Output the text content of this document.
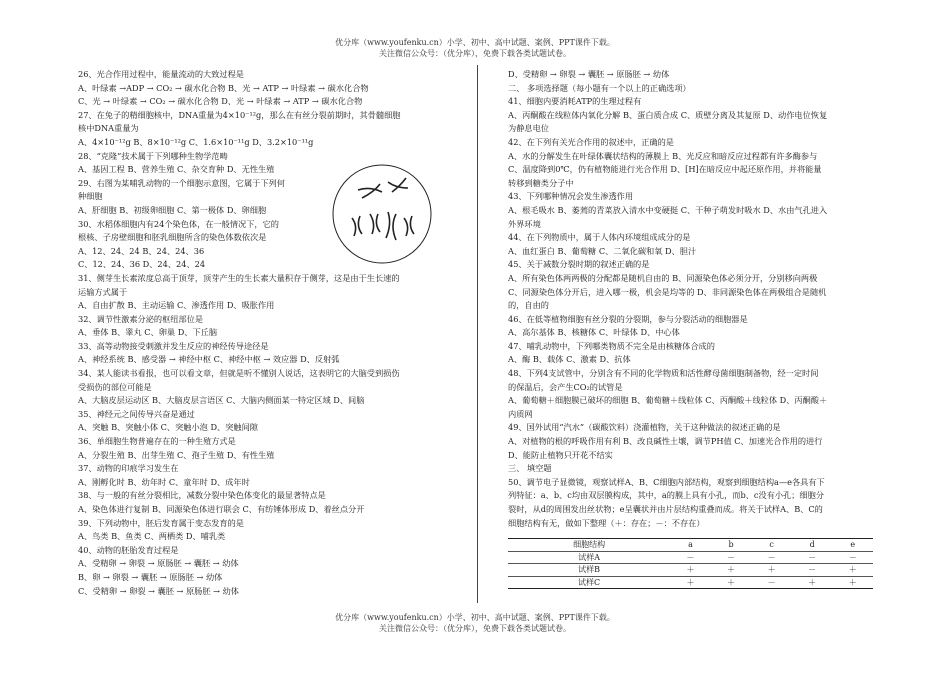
优分库（www.youfenku.cn）小学、初中、高中试题、案例、PPT课件下载。
关注微信公众号：（优分库），免费下载各类试题试卷。
26、光合作用过程中，能量流动的大致过程是
A、叶绿素 →ADP → CO₂ → 碳水化合物 B、光 → ATP → 叶绿素 → 碳水化合物
C、光 → 叶绿素 → CO₂ → 碳水化合物 D、光 → 叶绿素 → ATP → 碳水化合物
27、在兔子的精细胞核中，DNA重量为4×10⁻¹²g，那么在有丝分裂前期时，其骨髓细胞
核中DNA重量为
A、4×10⁻¹²g B、8×10⁻¹²g C、1.6×10⁻¹¹g D、3.2×10⁻¹¹g
28、“克隆”技术属于下列哪种生物学范畴
A、基因工程 B、营养生殖 C、杂交育种 D、无性生殖
29、右图为某哺乳动物的一个细胞示意图，它属于下列何
种细胞
A、肝细胞 B、初级卵细胞 C、第一极体 D、卵细胞
30、水稻体细胞内有24个染色体，在一般情况下，它的
根核、子房壁细胞和胚乳细胞所含的染色体数依次是
A、12、24、24 B、24、24、36
C、12、24、36 D、24、24、24
31、侧芽生长素浓度总高于顶芽，顶芽产生的生长素大量积存于侧芽，这是由于生长速的
运输方式属于
A、自由扩散 B、主动运输 C、渗透作用 D、吸胀作用
32、调节性激素分泌的枢纽部位是
A、垂体 B、睾丸 C、卵巢 D、下丘脑
33、高等动物接受刺激并发生反应的神经传导途径是
A、神经系统 B、感受器 → 神经中枢 C、神经中枢 → 效应器 D、反射弧
34、某人能读书看报，也可以看文章，但就是听不懂别人说话，这表明它的大脑受到损伤
受损伤的部位可能是
A、大脑皮层运动区 B、大脑皮层言语区 C、大脑内侧面某一特定区域 D、间脑
35、神经元之间传导兴奋是通过
A、突触 B、突触小体 C、突触小泡 D、突触间隙
36、单细胞生物普遍存在的一种生殖方式是
A、分裂生殖 B、出芽生殖 C、孢子生殖 D、有性生殖
37、动物的印痕学习发生在
A、刚孵化时 B、幼年时 C、童年时 D、成年时
38、与一般的有丝分裂相比，减数分裂中染色体变化的最显著特点是
A、染色体进行复制 B、同源染色体进行联会 C、有纺锤体形成 D、着丝点分开
39、下列动物中，胚后发育属于变态发育的是
A、鸟类 B、鱼类 C、两栖类 D、哺乳类
40、动物的胚胎发育过程是
A、受精卵 → 卵裂 → 原肠胚 → 囊胚 → 幼体
B、卵 → 卵裂 → 囊胚 → 原肠胚 → 幼体
C、受精卵 → 卵裂 → 囊胚 → 原肠胚 → 幼体
D、受精卵 → 卵裂 → 囊胚 → 原肠胚 → 幼体
二、 多项选择题（每小题有一个以上的正确选项）
41、细胞内要消耗ATP的生理过程有
A、丙酮酸在线粒体内氧化分解 B、蛋白质合成 C、质壁分离及其复原 D、动作电位恢复
为静息电位
42、在下列有关光合作用的叙述中，正确的是
A、水的分解发生在叶绿体囊状结构的薄膜上 B、光反应和暗反应过程都有许多酶参与
C、温度降到0℃，仍有植物能进行光合作用 D、[H]在暗反应中起还原作用，并将能量
转移到糖类分子中
43、下列哪种情况会发生渗透作用
A、根毛吸水 B、萎蔫的青菜放入清水中变硬挺 C、干种子萌发时吸水 D、水由气孔进入
外界环境
44、在下列物质中，属于人体内环境组成成分的是
A、血红蛋白 B、葡萄糖 C、二氧化碳和氧 D、胆汁
45、关于减数分裂时期的叙述正确的是
A、所有染色体两两极的分配都是随机自由的 B、同源染色体必须分开，分别移向两极
C、同源染色体分开后，进入哪一极，机会是均等的 D、非同源染色体在两极组合是随机
的，自由的
46、在低等植物细胞有丝分裂的分裂期，参与分裂活动的细胞器是
A、高尔基体 B、核糖体 C、叶绿体 D、中心体
47、哺乳动物中，下列哪类物质不完全是由核糖体合成的
A、酶 B、载体 C、激素 D、抗体
48、下列4支试管中，分别含有不同的化学物质和活性酵母菌细胞制备物，经一定时间
的保温后，会产生CO₂的试管是
A、葡萄糖＋细胞膜已破坏的细胞 B、葡萄糖＋线粒体 C、丙酮酸＋线粒体 D、丙酮酸＋
内质网
49、国外试用“汽水”（碳酸饮料）浇灌植物，关于这种做法的叙述正确的是
A、对植物的根的呼吸作用有利 B、改良碱性土壤，调节PH值 C、加速光合作用的进行
D、能防止植物只开花不结实
三、 填空题
50、调节电子显微镜，观察试样A、B、C细胞内部结构，观察到细胞结构a—e各具有下
列特征：a、b、c均由双层膜构成，其中，a的膜上具有小孔，而b、c没有小孔；细胞分
裂时，从d的周围发出丝状物；e呈囊状并由片层结构重叠而成。将关于试样A、B、C的
细胞结构有无，做如下整理（＋：存在；－：不存在）
细胞结构	a	b	c	d	e
试样A	－	－	－	－	－
试样B	＋	＋	＋	－	＋
试样C	＋	＋	－	＋	＋
优分库（www.youfenku.cn）小学、初中、高中试题、案例、PPT课件下载。
关注微信公众号：（优分库），免费下载各类试题试卷。
